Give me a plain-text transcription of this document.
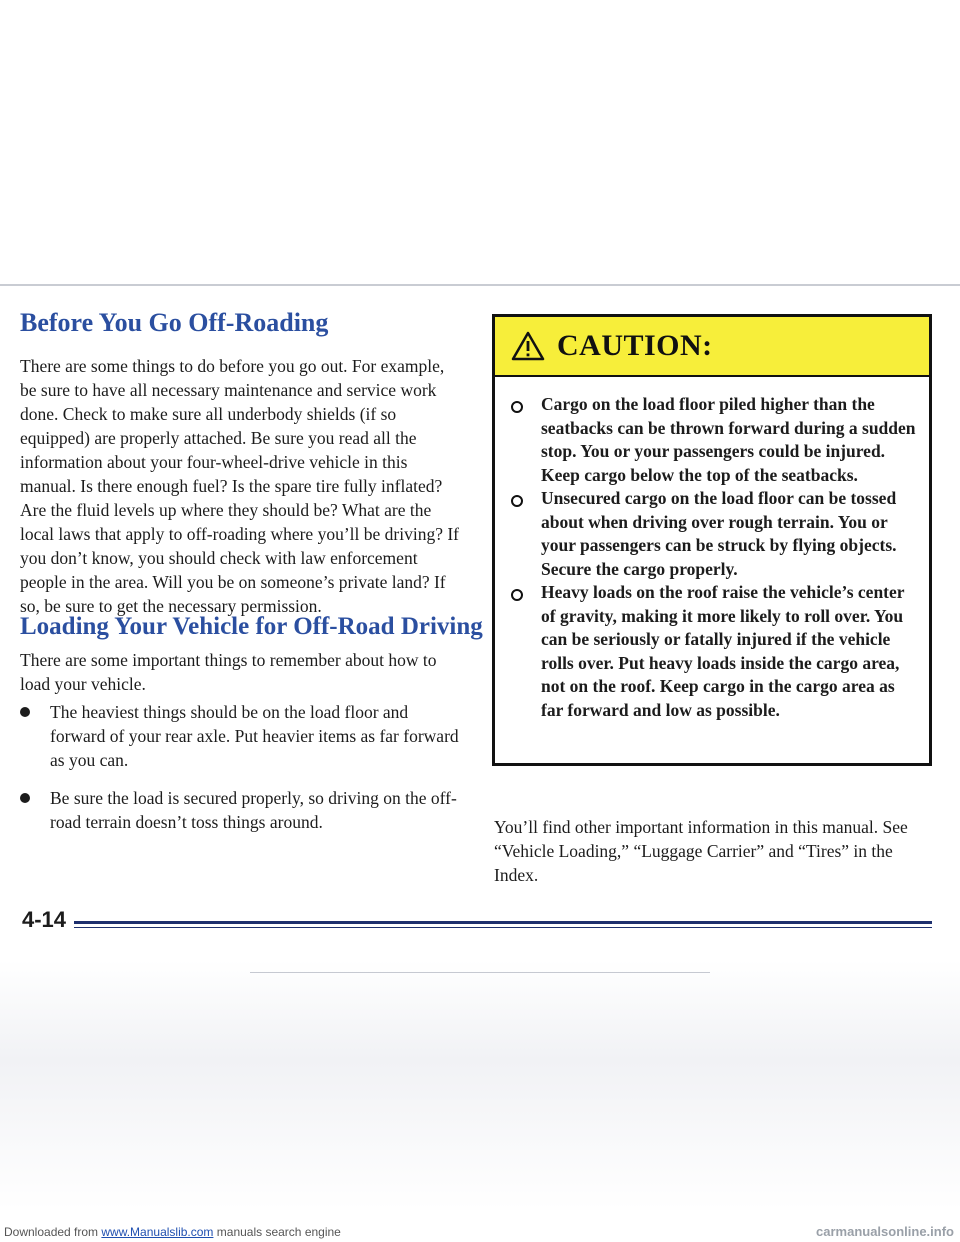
Before You Go Off-Roading

There are some things to do before you go out. For example, be sure to have all necessary maintenance and service work done. Check to make sure all underbody shields (if so equipped) are properly attached. Be sure you read all the information about your four-wheel-drive vehicle in this manual. Is there enough fuel? Is the spare tire fully inflated? Are the fluid levels up where they should be? What are the local laws that apply to off-roading where you’ll be driving? If you don’t know, you should check with law enforcement people in the area. Will you be on someone’s private land? If so, be sure to get the necessary permission.

Loading Your Vehicle for Off-Road Driving

There are some important things to remember about how to load your vehicle.

The heaviest things should be on the load floor and forward of your rear axle. Put heavier items as far forward as you can.
Be sure the load is secured properly, so driving on the off-road terrain doesn’t toss things around.
CAUTION:
Cargo on the load floor piled higher than the seatbacks can be thrown forward during a sudden stop. You or your passengers could be injured. Keep cargo below the top of the seatbacks.
Unsecured cargo on the load floor can be tossed about when driving over rough terrain. You or your passengers can be struck by flying objects. Secure the cargo properly.
Heavy loads on the roof raise the vehicle’s center of gravity, making it more likely to roll over. You can be seriously or fatally injured if the vehicle rolls over. Put heavy loads inside the cargo area, not on the roof. Keep cargo in the cargo area as far forward and low as possible.

You’ll find other important information in this manual. See “Vehicle Loading,” “Luggage Carrier” and “Tires” in the Index.

4-14
Downloaded from www.Manualslib.com manuals search engine	carmanualsonline.info
